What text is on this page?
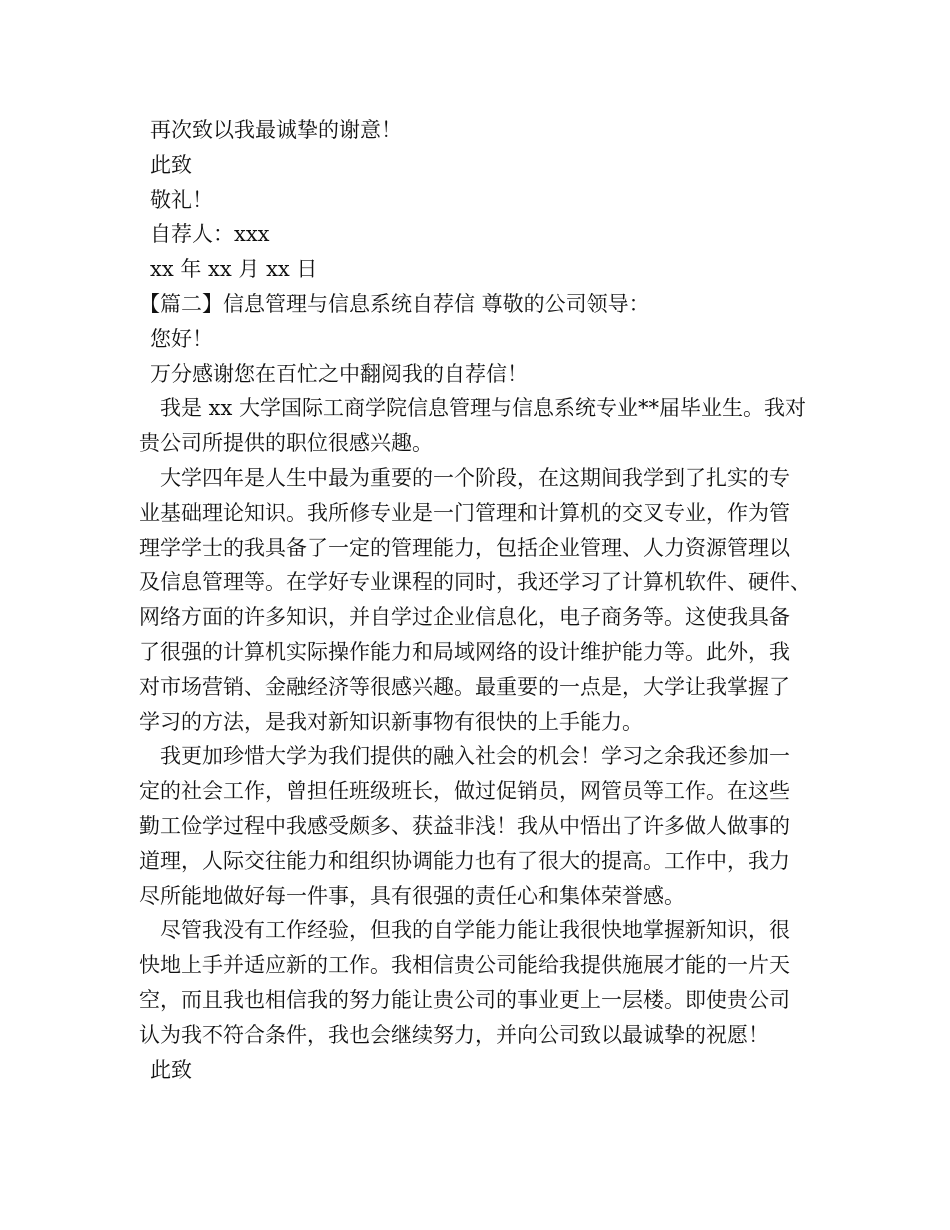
再次致以我最诚挚的谢意！
此致
敬礼！
自荐人：xxx
xx 年 xx 月 xx 日
【篇二】信息管理与信息系统自荐信 尊敬的公司领导：
您好！
万分感谢您在百忙之中翻阅我的自荐信！
我是 xx 大学国际工商学院信息管理与信息系统专业**届毕业生。我对
贵公司所提供的职位很感兴趣。
大学四年是人生中最为重要的一个阶段，在这期间我学到了扎实的专
业基础理论知识。我所修专业是一门管理和计算机的交叉专业，作为管
理学学士的我具备了一定的管理能力，包括企业管理、人力资源管理以
及信息管理等。在学好专业课程的同时，我还学习了计算机软件、硬件、
网络方面的许多知识，并自学过企业信息化，电子商务等。这使我具备
了很强的计算机实际操作能力和局域网络的设计维护能力等。此外，我
对市场营销、金融经济等很感兴趣。最重要的一点是，大学让我掌握了
学习的方法，是我对新知识新事物有很快的上手能力。
我更加珍惜大学为我们提供的融入社会的机会！学习之余我还参加一
定的社会工作，曾担任班级班长，做过促销员，网管员等工作。在这些
勤工俭学过程中我感受颇多、获益非浅！我从中悟出了许多做人做事的
道理，人际交往能力和组织协调能力也有了很大的提高。工作中，我力
尽所能地做好每一件事，具有很强的责任心和集体荣誉感。
尽管我没有工作经验，但我的自学能力能让我很快地掌握新知识，很
快地上手并适应新的工作。我相信贵公司能给我提供施展才能的一片天
空，而且我也相信我的努力能让贵公司的事业更上一层楼。即使贵公司
认为我不符合条件，我也会继续努力，并向公司致以最诚挚的祝愿！
此致
